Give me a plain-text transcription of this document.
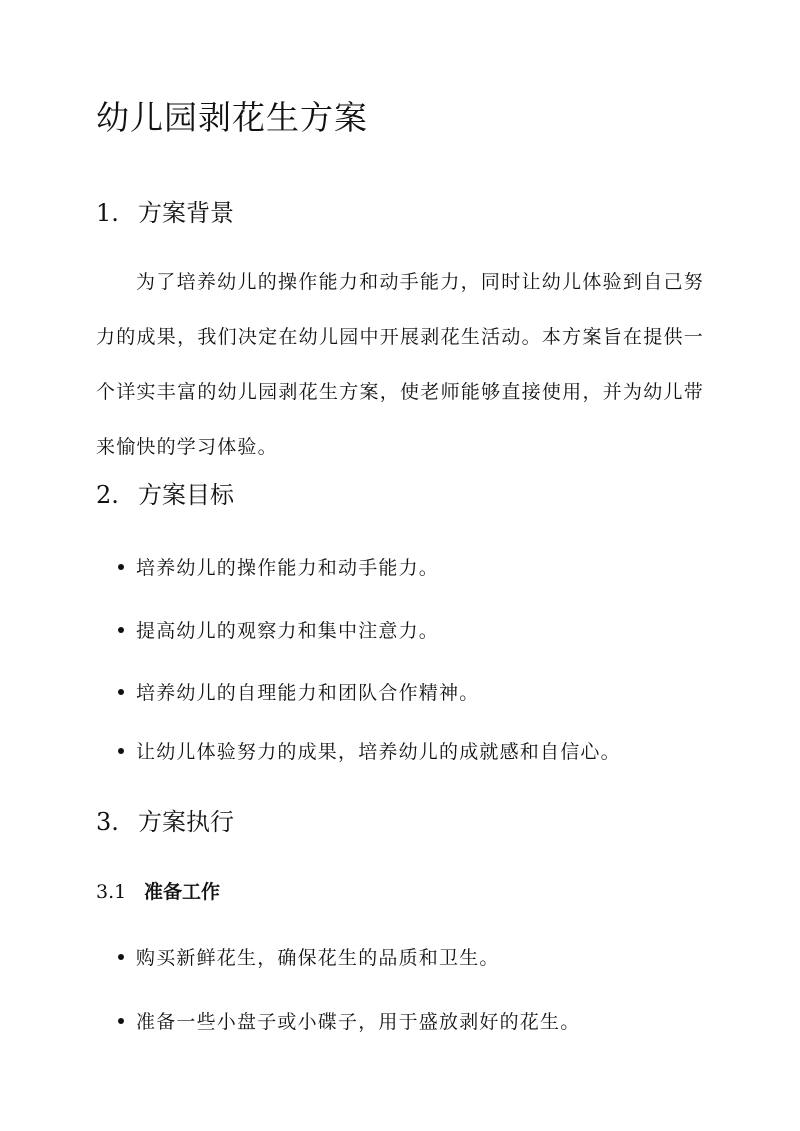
幼儿园剥花生方案
1. 方案背景

为了培养幼儿的操作能力和动手能力，同时让幼儿体验到自己努力的成果，我们决定在幼儿园中开展剥花生活动。本方案旨在提供一个详实丰富的幼儿园剥花生方案，使老师能够直接使用，并为幼儿带来愉快的学习体验。

2. 方案目标
培养幼儿的操作能力和动手能力。
提高幼儿的观察力和集中注意力。
培养幼儿的自理能力和团队合作精神。
让幼儿体验努力的成果，培养幼儿的成就感和自信心。
3. 方案执行
3.1 准备工作
购买新鲜花生，确保花生的品质和卫生。
准备一些小盘子或小碟子，用于盛放剥好的花生。
